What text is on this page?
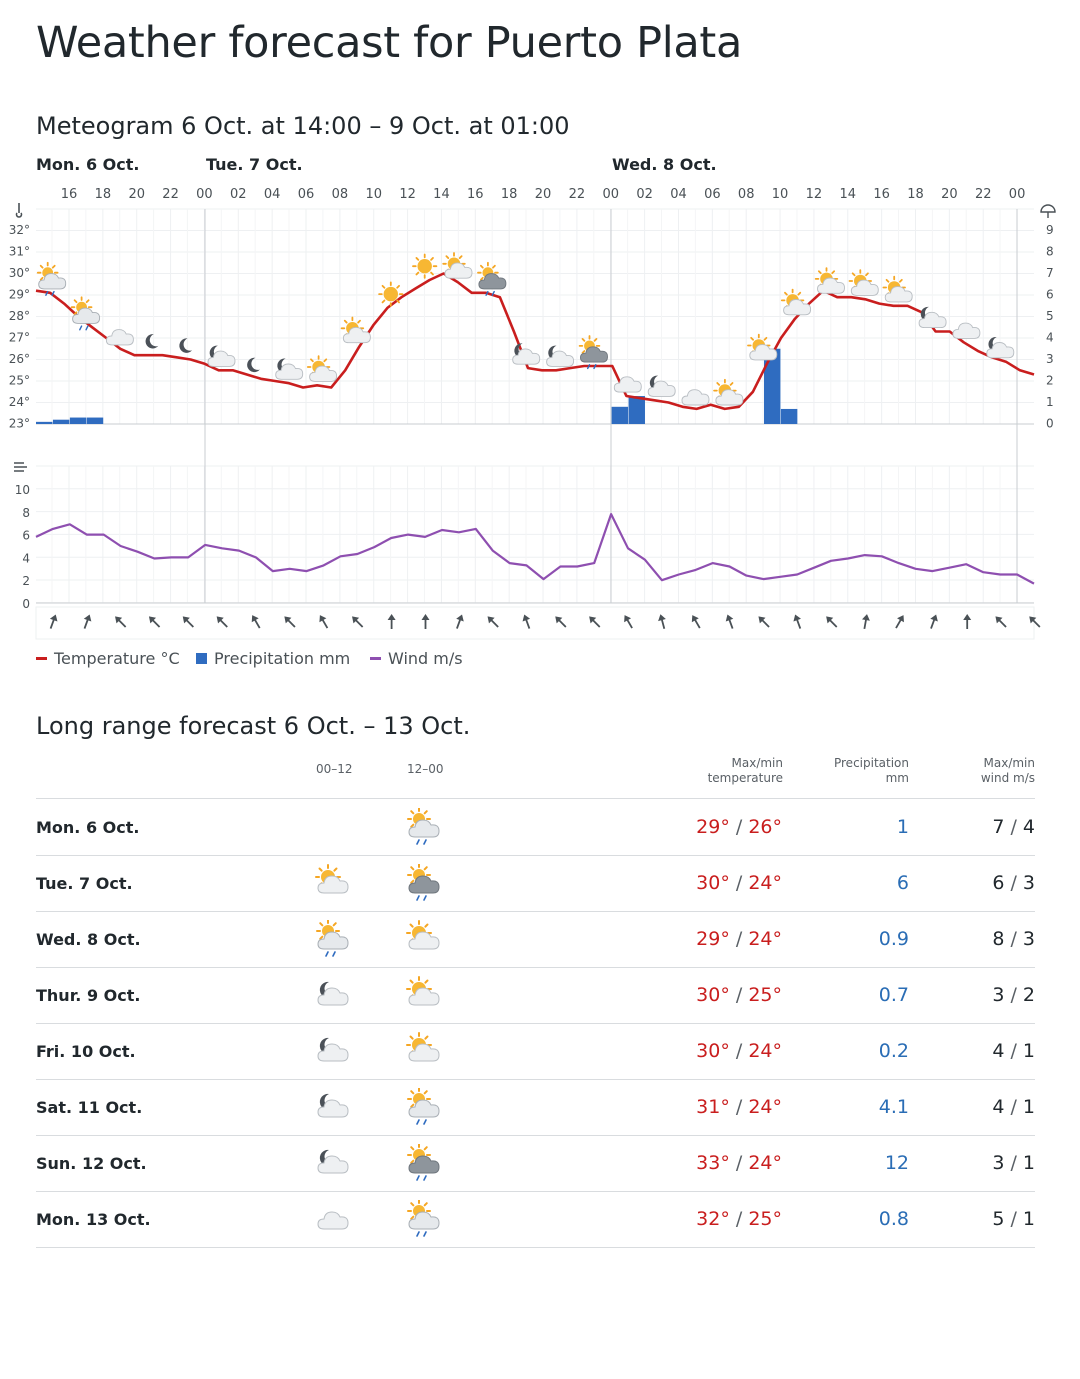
Weather forecast for Puerto Plata
Meteogram 6 Oct. at 14:00 – 9 Oct. at 01:00
Mon. 6 Oct.	Tue. 7 Oct.	Wed. 8 Oct.
16 18 20 22 00 02 04 06 08 10 12 14 16 18 20 22 00 02 04 06 08 10 12 14 16 18 20 22 00
32°
31°
30°
29°
28°
27°
26°
25°
24°
23°
9
8
7
6
5
4
3
2
1
0
10
8
6
4
2
0
Temperature °C Precipitation mm Wind m/s
Long range forecast 6 Oct. – 13 Oct.
00–12	12–00	Max/min
temperature
Precipitation
mm
Max/min
wind m/s
Mon. 6 Oct.	29° / 26°	1	7 / 4
Tue. 7 Oct.	30° / 24°	6	6 / 3
Wed. 8 Oct.	29° / 24°	0.9	8 / 3
Thur. 9 Oct.	30° / 25°	0.7	3 / 2
Fri. 10 Oct.	30° / 24°	0.2	4 / 1
Sat. 11 Oct.	31° / 24°	4.1	4 / 1
Sun. 12 Oct.	33° / 24°	12	3 / 1
Mon. 13 Oct.	32° / 25°	0.8	5 / 1
